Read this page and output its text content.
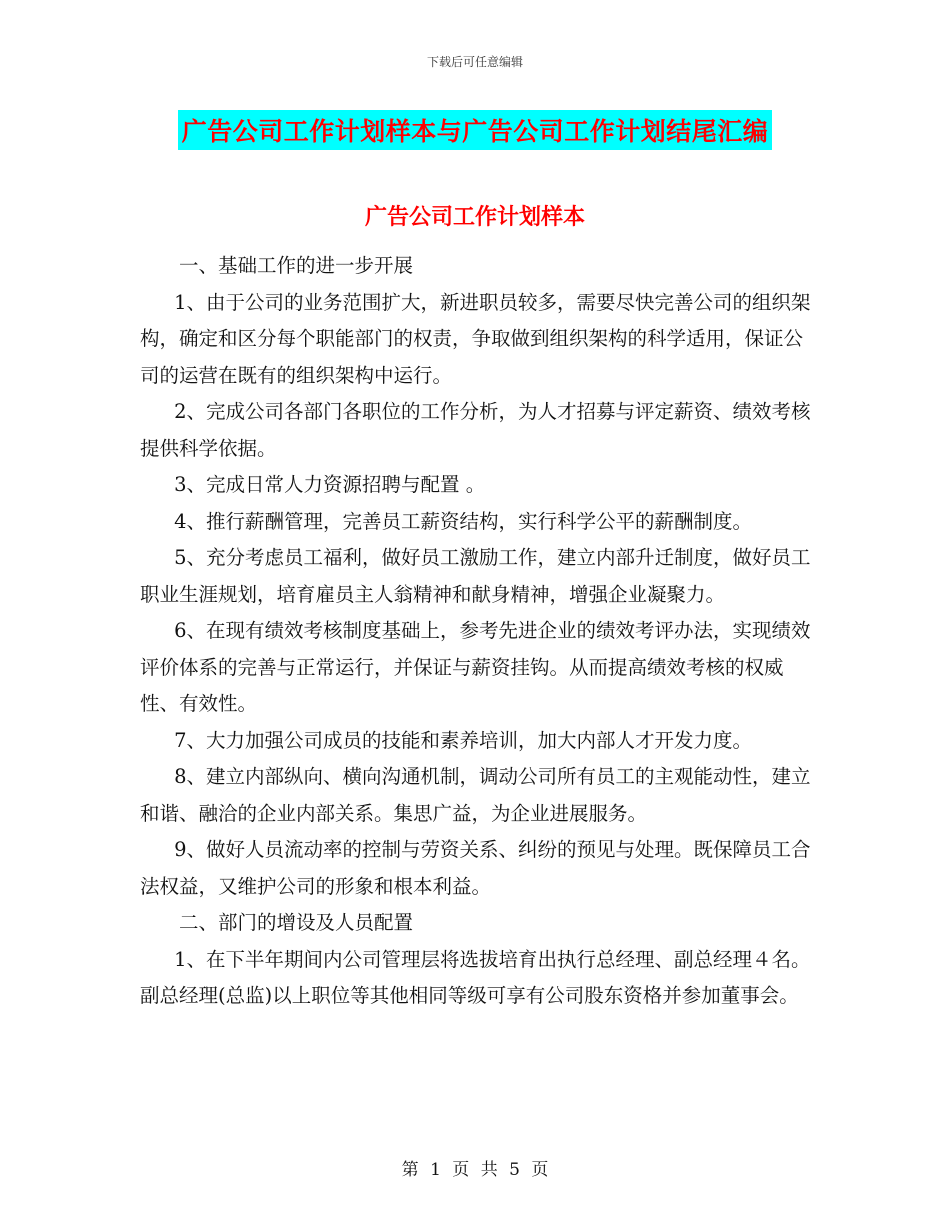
下载后可任意编辑
广告公司工作计划样本与广告公司工作计划结尾汇编
广告公司工作计划样本

一、基础工作的进一步开展

1、由于公司的业务范围扩大，新进职员较多，需要尽快完善公司的组织架构，确定和区分每个职能部门的权责，争取做到组织架构的科学适用，保证公司的运营在既有的组织架构中运行。

2、完成公司各部门各职位的工作分析，为人才招募与评定薪资、绩效考核提供科学依据。

3、完成日常人力资源招聘与配置 。

4、推行薪酬管理，完善员工薪资结构，实行科学公平的薪酬制度。

5、充分考虑员工福利，做好员工激励工作，建立内部升迁制度，做好员工职业生涯规划，培育雇员主人翁精神和献身精神，增强企业凝聚力。

6、在现有绩效考核制度基础上，参考先进企业的绩效考评办法，实现绩效评价体系的完善与正常运行，并保证与薪资挂钩。从而提高绩效考核的权威性、有效性。

7、大力加强公司成员的技能和素养培训，加大内部人才开发力度。

8、建立内部纵向、横向沟通机制，调动公司所有员工的主观能动性，建立和谐、融洽的企业内部关系。集思广益，为企业进展服务。

9、做好人员流动率的控制与劳资关系、纠纷的预见与处理。既保障员工合法权益，又维护公司的形象和根本利益。

二、部门的增设及人员配置

1、在下半年期间内公司管理层将选拔培育出执行总经理、副总经理４名。副总经理(总监)以上职位等其他相同等级可享有公司股东资格并参加董事会。

第 1 页 共 5 页
